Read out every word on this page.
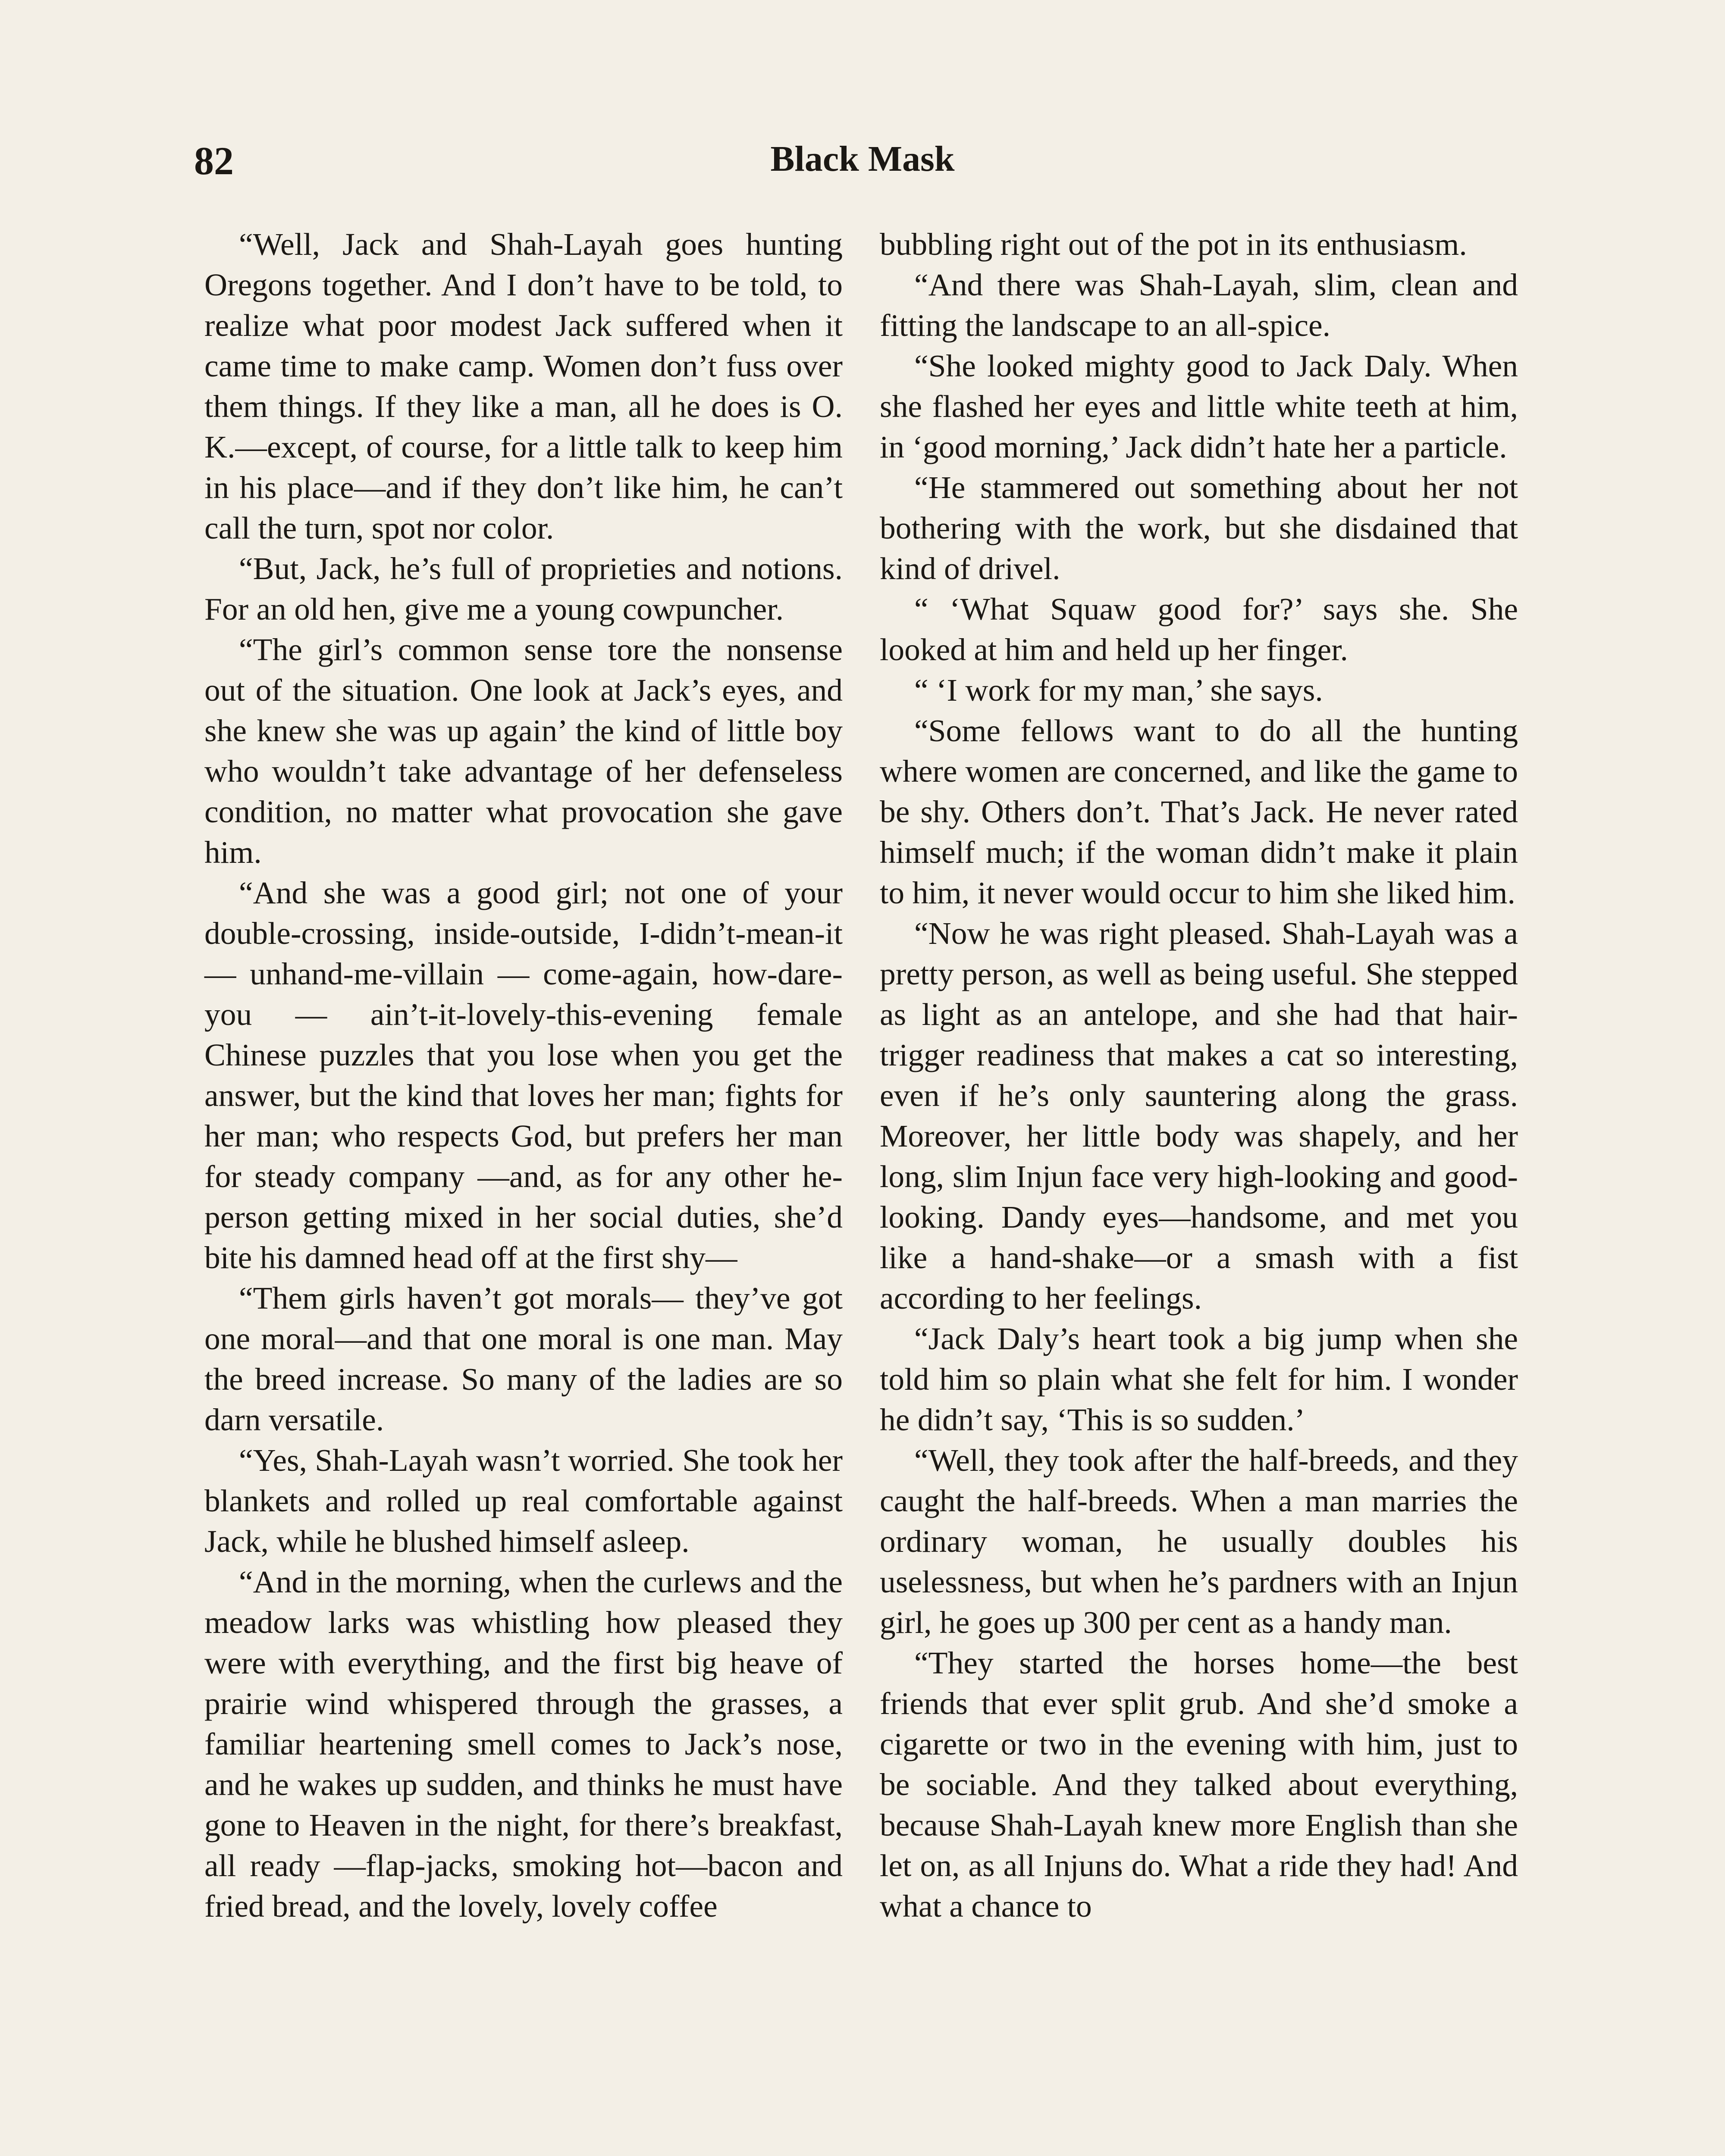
82	Black Mask

“Well, Jack and Shah-Layah goes hunting Oregons together. And I don’t have to be told, to realize what poor modest Jack suffered when it came time to make camp. Women don’t fuss over them things. If they like a man, all he does is O. K.—except, of course, for a little talk to keep him in his place—and if they don’t like him, he can’t call the turn, spot nor color.

“But, Jack, he’s full of proprieties and notions. For an old hen, give me a young cowpuncher.

“The girl’s common sense tore the nonsense out of the situation. One look at Jack’s eyes, and she knew she was up again’ the kind of little boy who wouldn’t take advantage of her defenseless condition, no matter what provocation she gave him.

“And she was a good girl; not one of your double-crossing, inside-outside, I-didn’t-mean-it — unhand-me-villain — come-again, how-dare-you — ain’t-it-lovely-this-evening female Chinese puzzles that you lose when you get the answer, but the kind that loves her man; fights for her man; who respects God, but prefers her man for steady company —and, as for any other he-person getting mixed in her social duties, she’d bite his damned head off at the first shy—

“Them girls haven’t got morals— they’ve got one moral—and that one moral is one man. May the breed increase. So many of the ladies are so darn versatile.

“Yes, Shah-Layah wasn’t worried. She took her blankets and rolled up real comfortable against Jack, while he blushed himself asleep.

“And in the morning, when the curlews and the meadow larks was whistling how pleased they were with everything, and the first big heave of prairie wind whispered through the grasses, a familiar heartening smell comes to Jack’s nose, and he wakes up sudden, and thinks he must have gone to Heaven in the night, for there’s breakfast, all ready —flap-jacks, smoking hot—bacon and fried bread, and the lovely, lovely coffee

bubbling right out of the pot in its enthusiasm.

“And there was Shah-Layah, slim, clean and fitting the landscape to an all-spice.

“She looked mighty good to Jack Daly. When she flashed her eyes and little white teeth at him, in ‘good morning,’ Jack didn’t hate her a particle.

“He stammered out something about her not bothering with the work, but she disdained that kind of drivel.

“ ‘What Squaw good for?’ says she. She looked at him and held up her finger.

“ ‘I work for my man,’ she says.

“Some fellows want to do all the hunting where women are concerned, and like the game to be shy. Others don’t. That’s Jack. He never rated himself much; if the woman didn’t make it plain to him, it never would occur to him she liked him.

“Now he was right pleased. Shah-Layah was a pretty person, as well as being useful. She stepped as light as an antelope, and she had that hair-trigger readiness that makes a cat so interesting, even if he’s only sauntering along the grass. Moreover, her little body was shapely, and her long, slim Injun face very high-looking and good-looking. Dandy eyes—handsome, and met you like a hand-shake—or a smash with a fist according to her feelings.

“Jack Daly’s heart took a big jump when she told him so plain what she felt for him. I wonder he didn’t say, ‘This is so sudden.’

“Well, they took after the half-breeds, and they caught the half-breeds. When a man marries the ordinary woman, he usually doubles his uselessness, but when he’s pardners with an Injun girl, he goes up 300 per cent as a handy man.

“They started the horses home—the best friends that ever split grub. And she’d smoke a cigarette or two in the evening with him, just to be sociable. And they talked about everything, because Shah-Layah knew more English than she let on, as all Injuns do. What a ride they had! And what a chance to
